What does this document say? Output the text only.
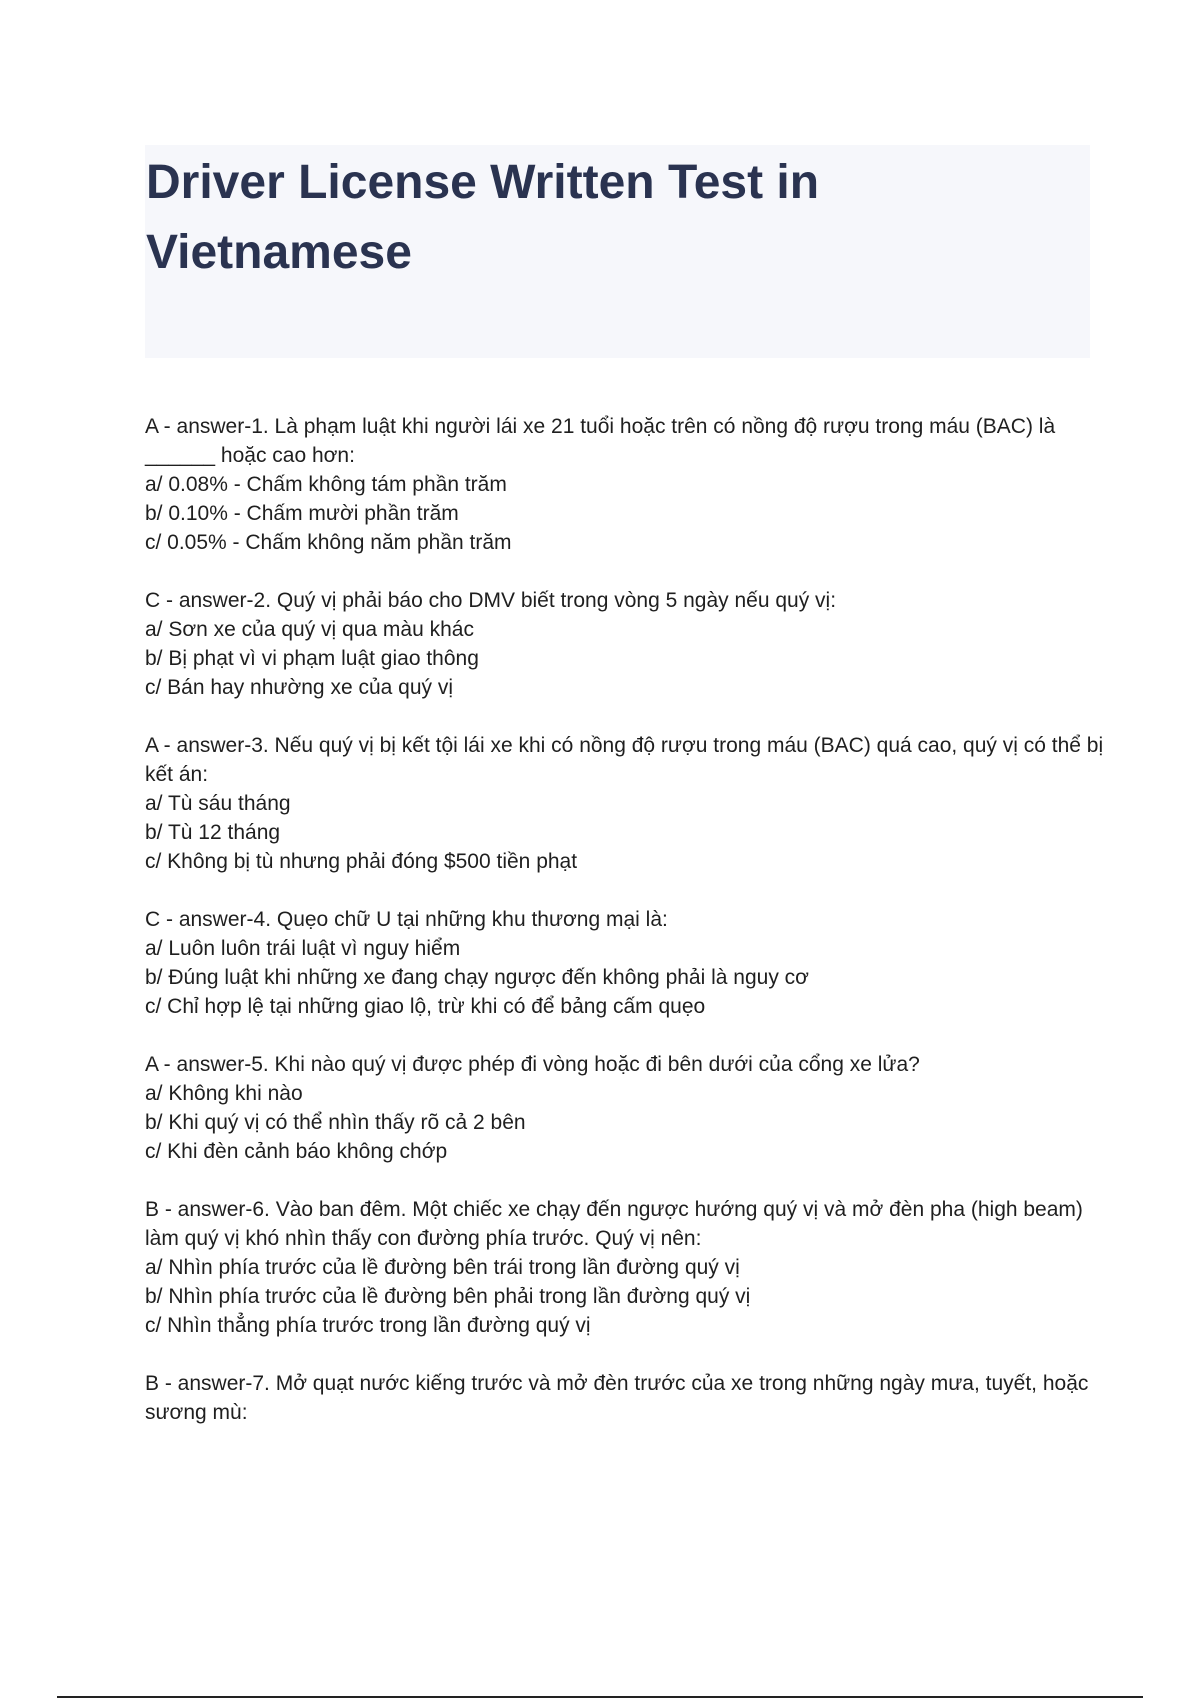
Driver License Written Test in Vietnamese
A - answer-1. Là phạm luật khi người lái xe 21 tuổi hoặc trên có nồng độ rượu trong máu (BAC) là ______ hoặc cao hơn:
a/ 0.08% - Chấm không tám phần trăm
b/ 0.10% - Chấm mười phần trăm
c/ 0.05% - Chấm không năm phần trăm
C - answer-2. Quý vị phải báo cho DMV biết trong vòng 5 ngày nếu quý vị:
a/ Sơn xe của quý vị qua màu khác
b/ Bị phạt vì vi phạm luật giao thông
c/ Bán hay nhường xe của quý vị
A - answer-3. Nếu quý vị bị kết tội lái xe khi có nồng độ rượu trong máu (BAC) quá cao, quý vị có thể bị kết án:
a/ Tù sáu tháng
b/ Tù 12 tháng
c/ Không bị tù nhưng phải đóng $500 tiền phạt
C - answer-4. Quẹo chữ U tại những khu thương mại là:
a/ Luôn luôn trái luật vì nguy hiểm
b/ Đúng luật khi những xe đang chạy ngược đến không phải là nguy cơ
c/ Chỉ hợp lệ tại những giao lộ, trừ khi có để bảng cấm quẹo
A - answer-5. Khi nào quý vị được phép đi vòng hoặc đi bên dưới của cổng xe lửa?
a/ Không khi nào
b/ Khi quý vị có thể nhìn thấy rõ cả 2 bên
c/ Khi đèn cảnh báo không chớp
B - answer-6. Vào ban đêm. Một chiếc xe chạy đến ngược hướng quý vị và mở đèn pha (high beam) làm quý vị khó nhìn thấy con đường phía trước. Quý vị nên:
a/ Nhìn phía trước của lề đường bên trái trong lần đường quý vị
b/ Nhìn phía trước của lề đường bên phải trong lần đường quý vị
c/ Nhìn thẳng phía trước trong lần đường quý vị
B - answer-7. Mở quạt nước kiếng trước và mở đèn trước của xe trong những ngày mưa, tuyết, hoặc sương mù:
